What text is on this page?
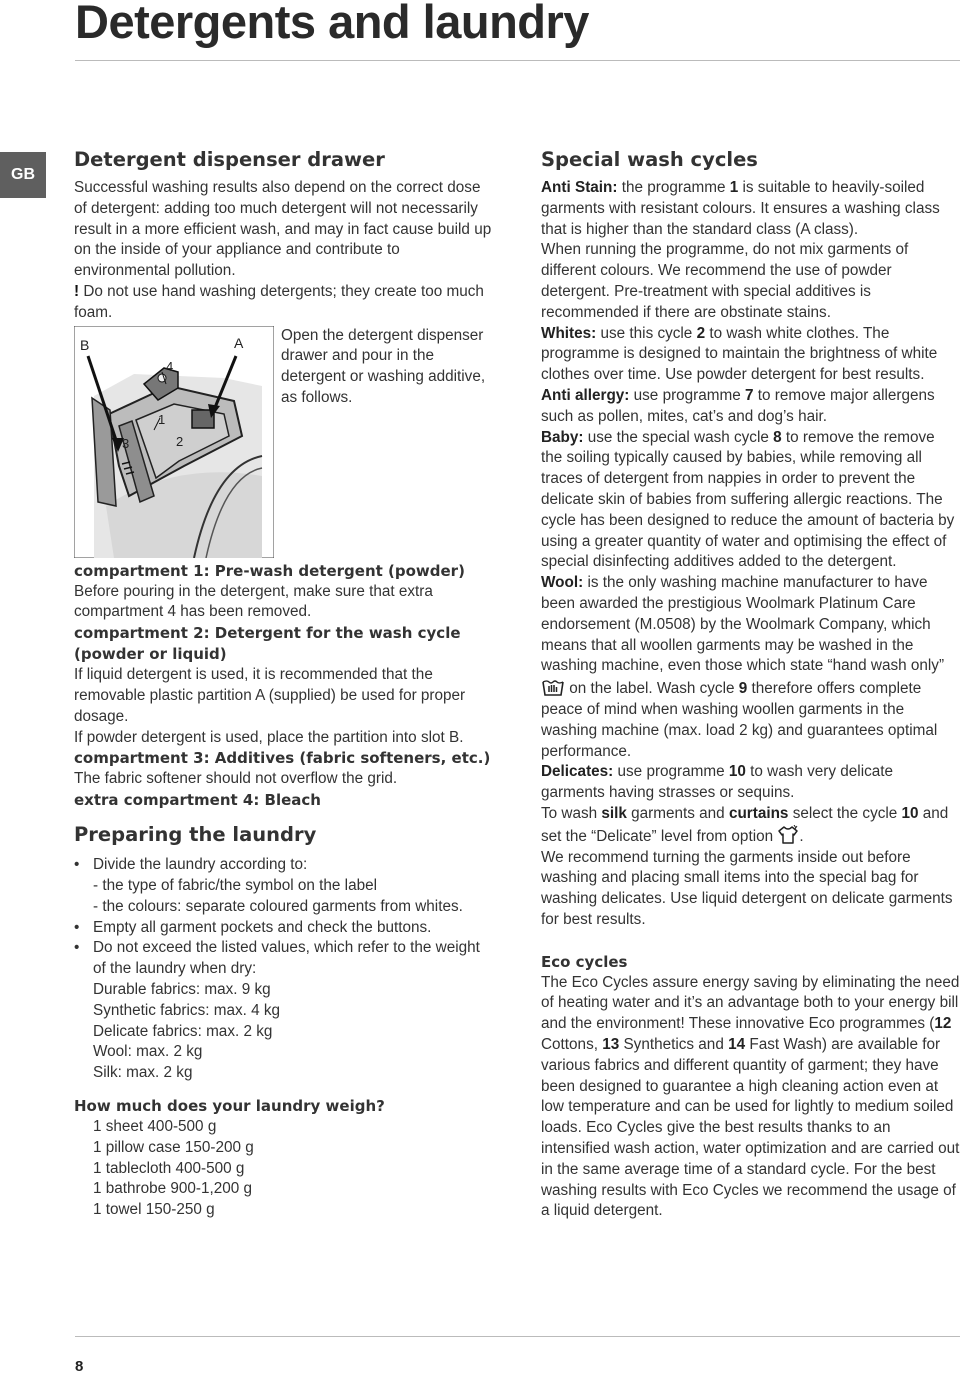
Detergents and laundry
GB
Detergent dispenser drawer

Successful washing results also depend on the correct dose of detergent: adding too much detergent will not necessarily result in a more efficient wash, and may in fact cause build up on the inside of your appliance and contribute to environmental pollution.

! Do not use hand washing detergents; they create too much foam.

B	A
4
1
2
3

Open the detergent dispenser drawer and pour in the detergent or washing additive, as follows.

compartment 1: Pre-wash detergent (powder)

Before pouring in the detergent, make sure that extra compartment 4 has been removed.

compartment 2: Detergent for the wash cycle (powder or liquid)

If liquid detergent is used, it is recommended that the removable plastic partition A (supplied) be used for proper dosage.

If powder detergent is used, place the partition into slot B.

compartment 3: Additives (fabric softeners, etc.)

The fabric softener should not overflow the grid.

extra compartment 4: Bleach
Preparing the laundry
• Divide the laundry according to:
- the type of fabric/the symbol on the label
- the colours: separate coloured garments from whites.
• Empty all garment pockets and check the buttons.
• Do not exceed the listed values, which refer to the weight of the laundry when dry:
Durable fabrics: max. 9 kg
Synthetic fabrics: max. 4 kg
Delicate fabrics: max. 2 kg
Wool: max. 2 kg
Silk: max. 2 kg
How much does your laundry weigh?
1 sheet 400-500 g
1 pillow case 150-200 g
1 tablecloth 400-500 g
1 bathrobe 900-1,200 g
1 towel 150-250 g
Special wash cycles

Anti Stain: the programme 1 is suitable to heavily-soiled garments with resistant colours. It ensures a washing class that is higher than the standard class (A class).

When running the programme, do not mix garments of different colours. We recommend the use of powder detergent. Pre-treatment with special additives is recommended if there are obstinate stains.

Whites: use this cycle 2 to wash white clothes. The programme is designed to maintain the brightness of white clothes over time. Use powder detergent for best results.

Anti allergy: use programme 7 to remove major allergens such as pollen, mites, cat’s and dog’s hair.

Baby: use the special wash cycle 8 to remove the remove the soiling typically caused by babies, while removing all traces of detergent from nappies in order to prevent the delicate skin of babies from suffering allergic reactions. The cycle has been designed to reduce the amount of bacteria by using a greater quantity of water and optimising the effect of special disinfecting additives added to the detergent.

Wool: is the only washing machine manufacturer to have been awarded the prestigious Woolmark Platinum Care endorsement (M.0508) by the Woolmark Company, which means that all woollen garments may be washed in the washing machine, even those which state “hand wash only”  on the label. Wash cycle 9 therefore offers complete peace of mind when washing woollen garments in the washing machine (max. load 2 kg) and guarantees optimal performance.

Delicates: use programme 10 to wash very delicate garments having strasses or sequins.

To wash silk garments and curtains select the cycle 10 and set the “Delicate” level from option .

We recommend turning the garments inside out before washing and placing small items into the special bag for washing delicates. Use liquid detergent on delicate garments for best results.

Eco cycles

The Eco Cycles assure energy saving by eliminating the need of heating water and it’s an advantage both to your energy bill and the environment! These innovative Eco programmes (12 Cottons, 13 Synthetics and 14 Fast Wash) are available for various fabrics and different quantity of garment; they have been designed to guarantee a high cleaning action even at low temperature and can be used for lightly to medium soiled loads. Eco Cycles give the best results thanks to an intensified wash action, water optimization and are carried out in the same average time of a standard cycle. For the best washing results with Eco Cycles we recommend the usage of a liquid detergent.

8
